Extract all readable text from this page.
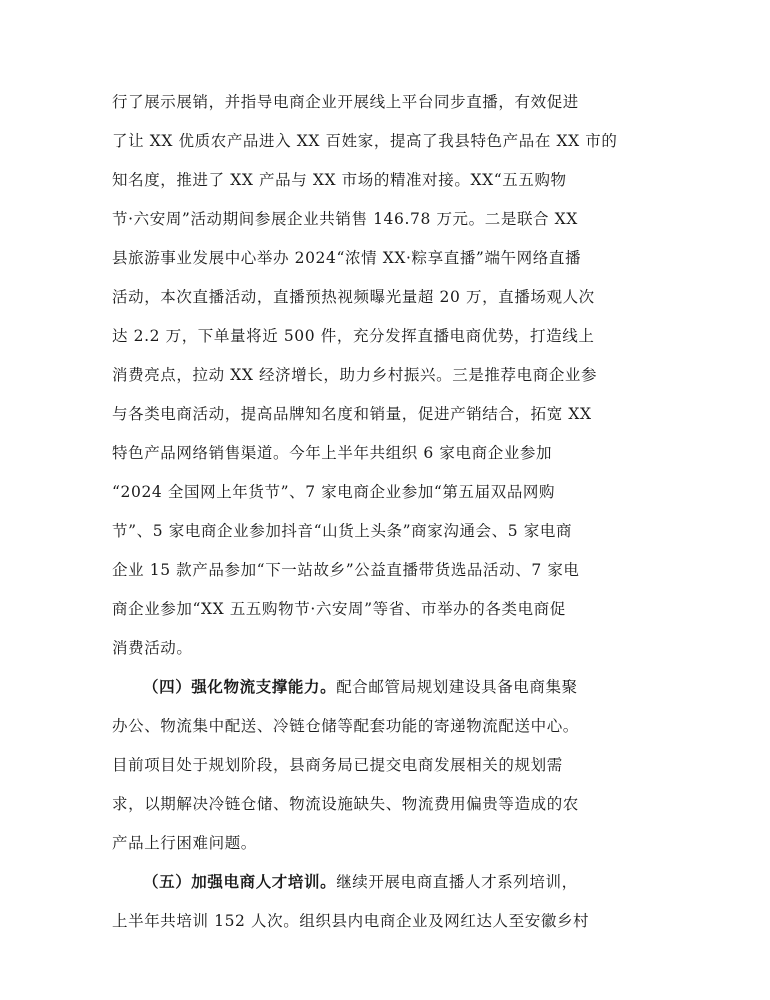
行了展示展销，并指导电商企业开展线上平台同步直播，有效促进
了让 XX 优质农产品进入 XX 百姓家，提高了我县特色产品在 XX 市的
知名度，推进了 XX 产品与 XX 市场的精准对接。XX“五五购物
节·六安周”活动期间参展企业共销售 146.78 万元。二是联合 XX
县旅游事业发展中心举办 2024“浓情 XX·粽享直播”端午网络直播
活动，本次直播活动，直播预热视频曝光量超 20 万，直播场观人次
达 2.2 万，下单量将近 500 件，充分发挥直播电商优势，打造线上
消费亮点，拉动 XX 经济增长，助力乡村振兴。三是推荐电商企业参
与各类电商活动，提高品牌知名度和销量，促进产销结合，拓宽 XX
特色产品网络销售渠道。今年上半年共组织 6 家电商企业参加
“2024 全国网上年货节”、7 家电商企业参加“第五届双品网购
节”、5 家电商企业参加抖音“山货上头条”商家沟通会、5 家电商
企业 15 款产品参加“下一站故乡”公益直播带货选品活动、7 家电
商企业参加“XX 五五购物节·六安周”等省、市举办的各类电商促
消费活动。
（四）强化物流支撑能力。配合邮管局规划建设具备电商集聚
办公、物流集中配送、冷链仓储等配套功能的寄递物流配送中心。
目前项目处于规划阶段，县商务局已提交电商发展相关的规划需
求，以期解决冷链仓储、物流设施缺失、物流费用偏贵等造成的农
产品上行困难问题。
（五）加强电商人才培训。继续开展电商直播人才系列培训，
上半年共培训 152 人次。组织县内电商企业及网红达人至安徽乡村
